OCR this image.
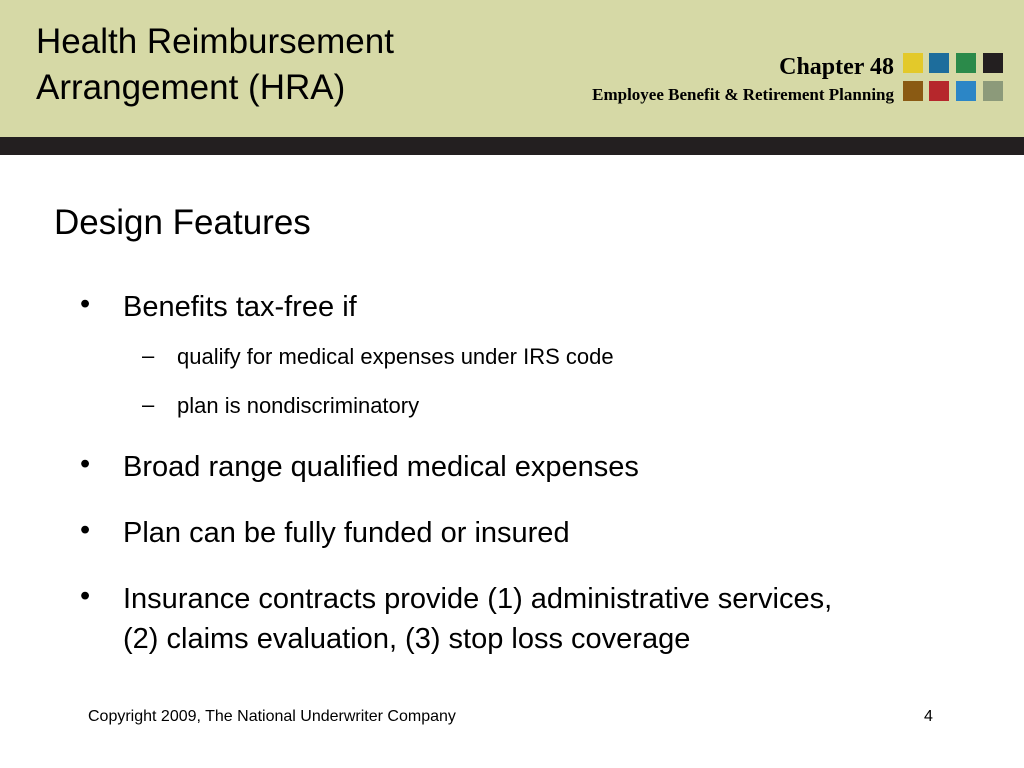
Health Reimbursement
Arrangement (HRA)
Chapter 48
Employee Benefit & Retirement Planning
Design Features
• Benefits tax-free if
– qualify for medical expenses under IRS code
– plan is nondiscriminatory
• Broad range qualified medical expenses
• Plan can be fully funded or insured
• Insurance contracts provide (1) administrative services,
(2) claims evaluation, (3) stop loss coverage
Copyright 2009, The National Underwriter Company	4
